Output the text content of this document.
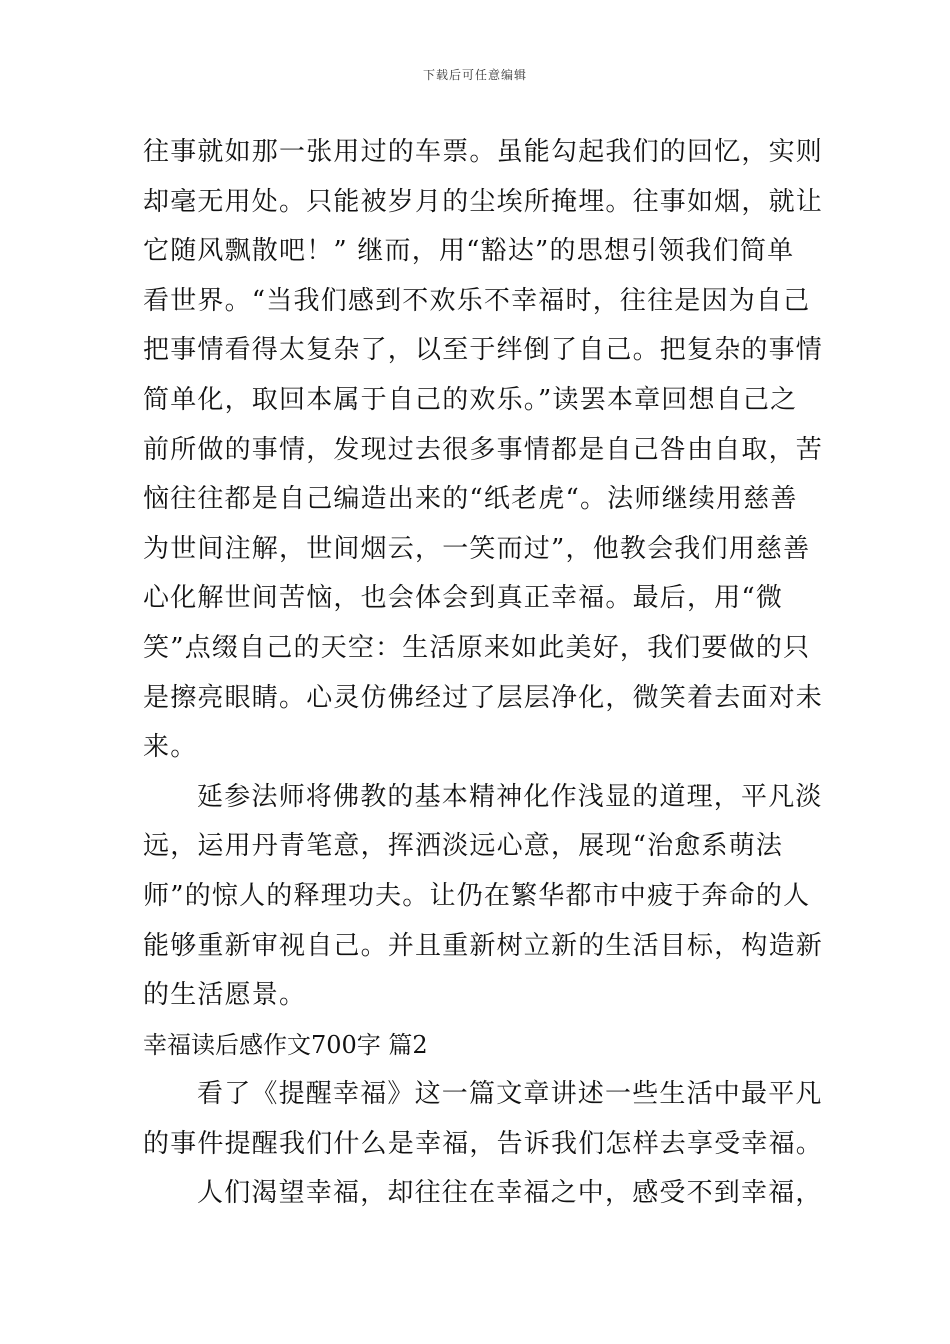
下载后可任意编辑
往事就如那一张用过的车票。虽能勾起我们的回忆，实则
却毫无用处。只能被岁月的尘埃所掩埋。往事如烟，就让
它随风飘散吧！” 继而，用“豁达”的思想引领我们简单
看世界。“当我们感到不欢乐不幸福时，往往是因为自己
把事情看得太复杂了，以至于绊倒了自己。把复杂的事情
简单化，取回本属于自己的欢乐。”读罢本章回想自己之
前所做的事情，发现过去很多事情都是自己咎由自取，苦
恼往往都是自己编造出来的“纸老虎“。法师继续用慈善
为世间注解，世间烟云，一笑而过”，他教会我们用慈善
心化解世间苦恼，也会体会到真正幸福。最后，用“微
笑”点缀自己的天空：生活原来如此美好，我们要做的只
是擦亮眼睛。心灵仿佛经过了层层净化，微笑着去面对未
来。
延参法师将佛教的基本精神化作浅显的道理，平凡淡
远，运用丹青笔意，挥洒淡远心意，展现“治愈系萌法
师”的惊人的释理功夫。让仍在繁华都市中疲于奔命的人
能够重新审视自己。并且重新树立新的生活目标，构造新
的生活愿景。
幸福读后感作文700字 篇2
看了《提醒幸福》这一篇文章讲述一些生活中最平凡
的事件提醒我们什么是幸福，告诉我们怎样去享受幸福。
人们渴望幸福，却往往在幸福之中，感受不到幸福，
